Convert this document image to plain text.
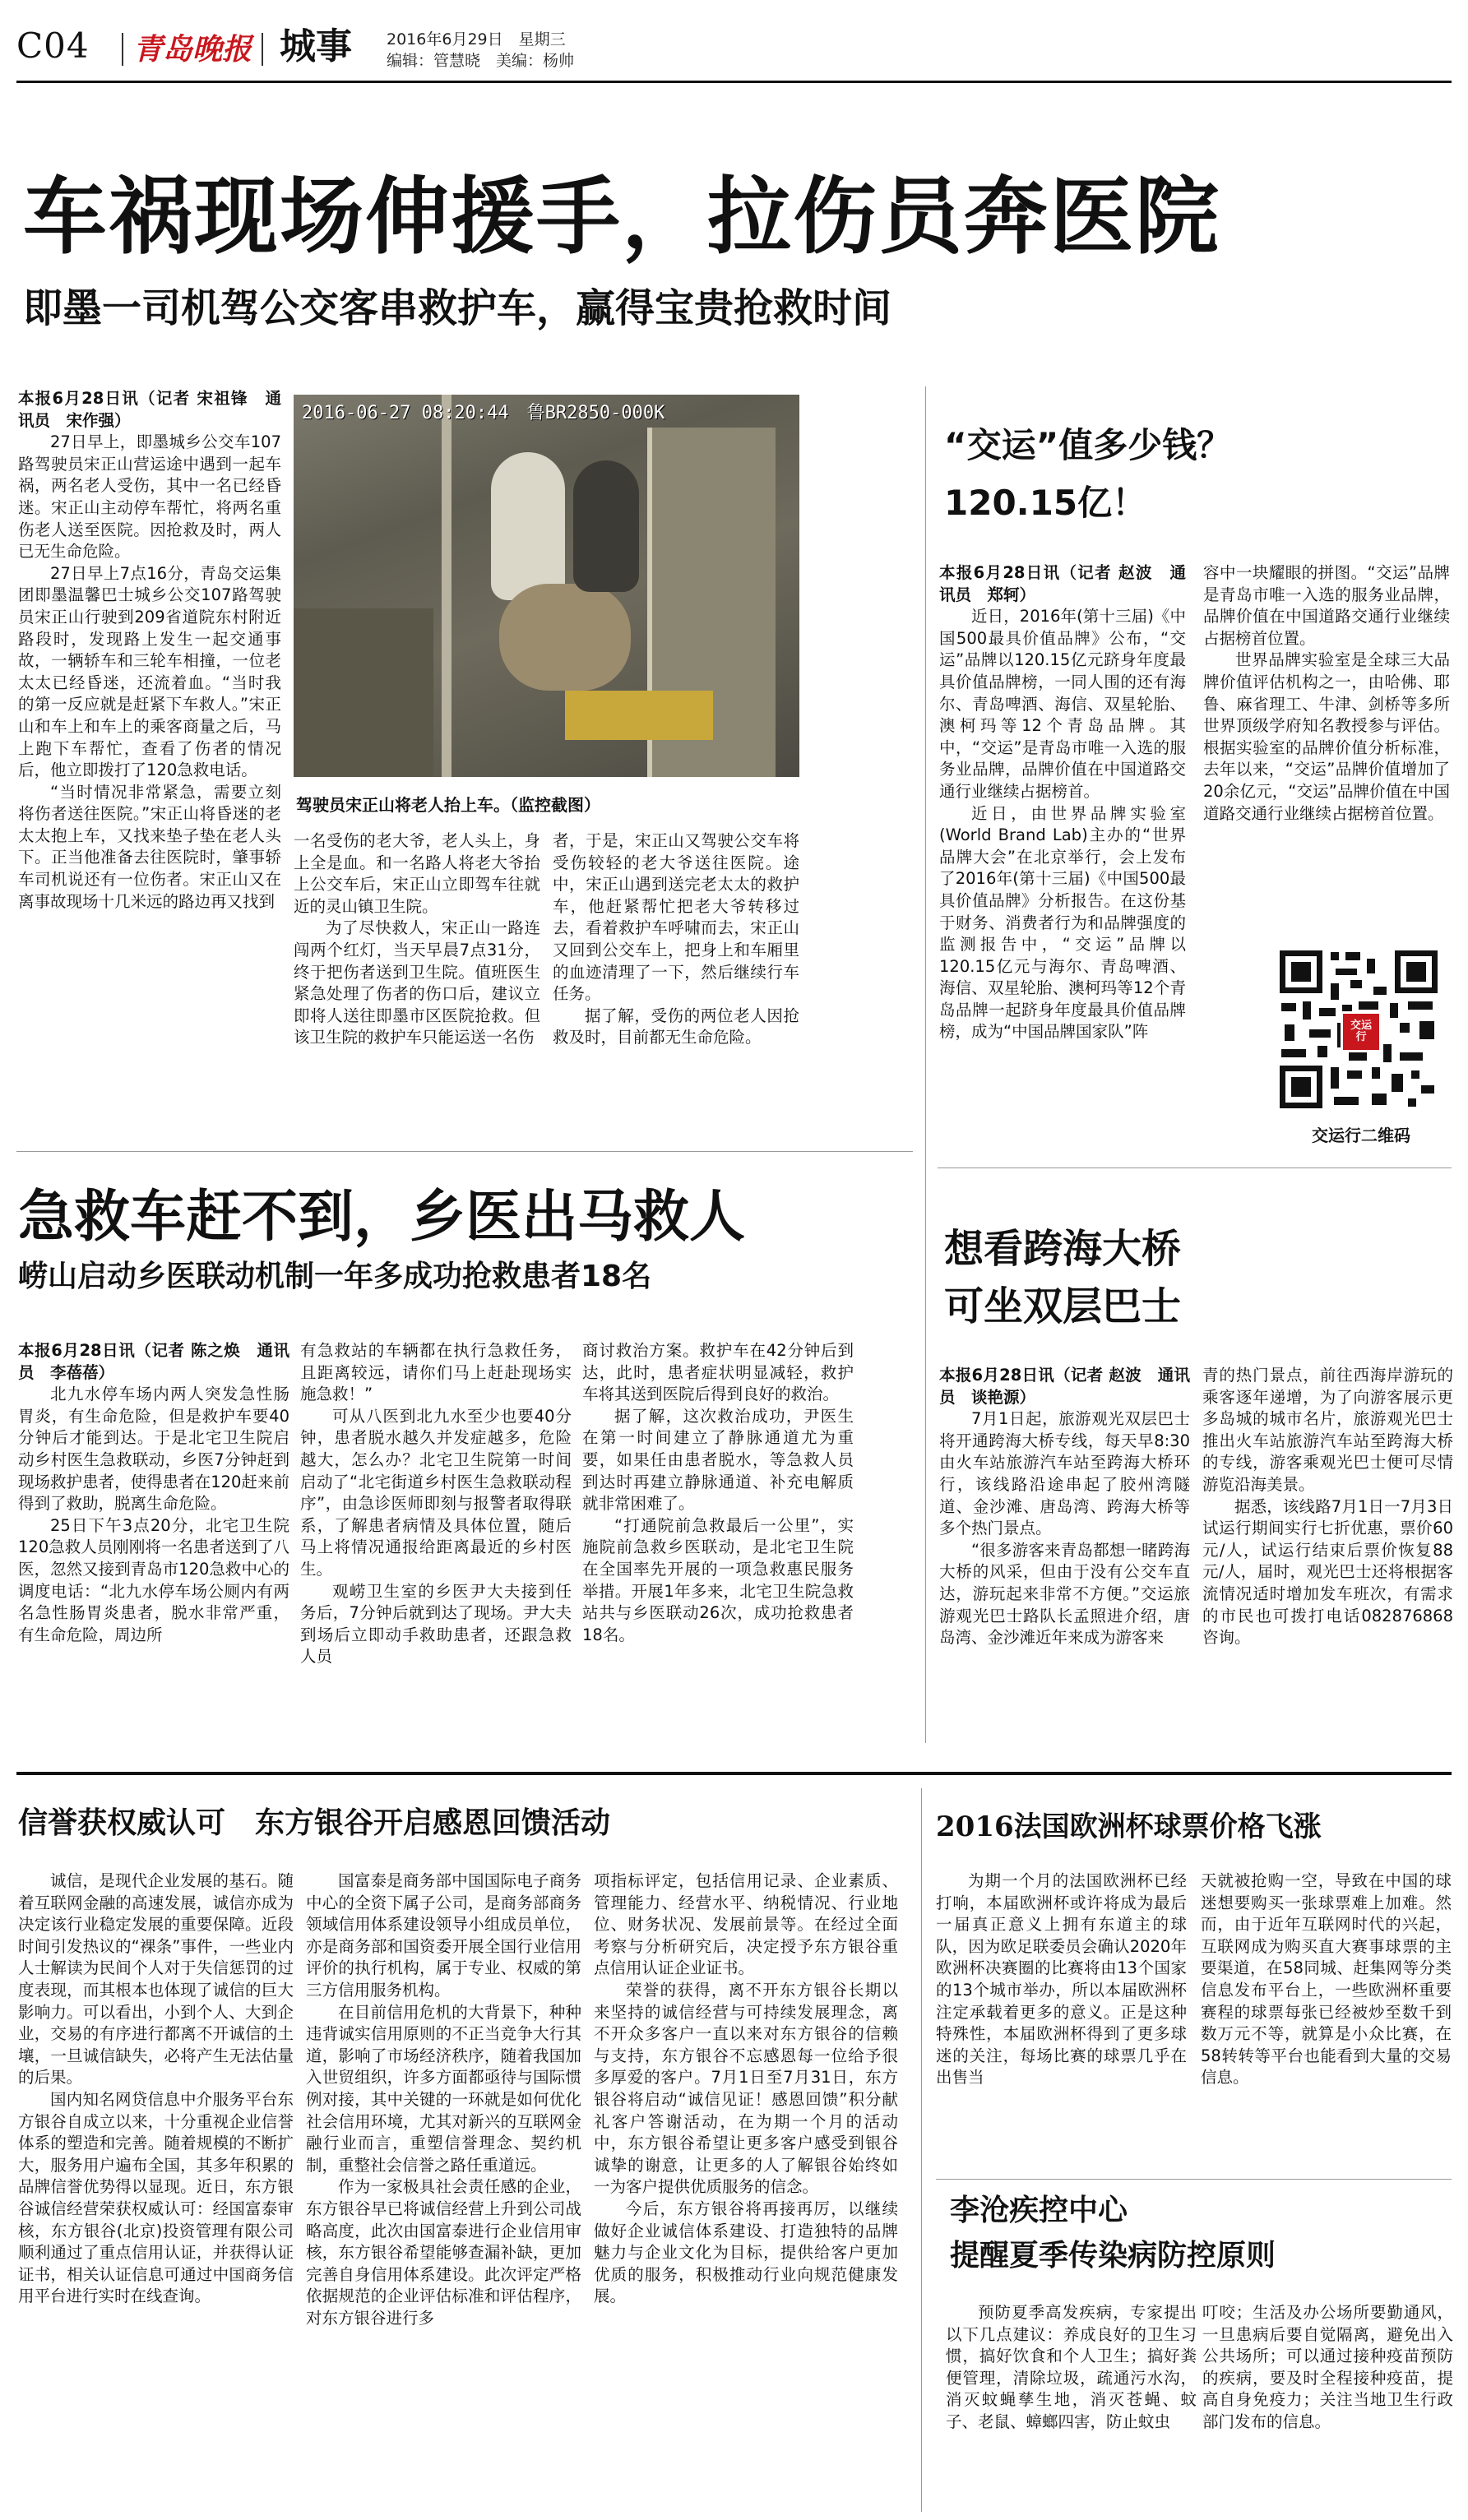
C04 青岛晚报 城事 2016年6月29日　星期三
编辑：管慧晓　美编：杨帅
车祸现场伸援手，拉伤员奔医院
即墨一司机驾公交客串救护车，赢得宝贵抢救时间

本报6月28日讯（记者 宋祖锋　通讯员　宋作强）

27日早上，即墨城乡公交车107路驾驶员宋正山营运途中遇到一起车祸，两名老人受伤，其中一名已经昏迷。宋正山主动停车帮忙，将两名重伤老人送至医院。因抢救及时，两人已无生命危险。

27日早上7点16分，青岛交运集团即墨温馨巴士城乡公交107路驾驶员宋正山行驶到209省道院东村附近路段时，发现路上发生一起交通事故，一辆轿车和三轮车相撞，一位老太太已经昏迷，还流着血。“当时我的第一反应就是赶紧下车救人。”宋正山和车上和车上的乘客商量之后，马上跑下车帮忙，查看了伤者的情况后，他立即拨打了120急救电话。

“当时情况非常紧急，需要立刻将伤者送往医院。”宋正山将昏迷的老太太抱上车，又找来垫子垫在老人头下。正当他准备去往医院时，肇事轿车司机说还有一位伤者。宋正山又在离事故现场十几米远的路边再又找到

2016-06-27 08:20:44　鲁BR2850-000K
驾驶员宋正山将老人抬上车。（监控截图）

一名受伤的老大爷，老人头上，身上全是血。和一名路人将老大爷抬上公交车后，宋正山立即驾车往就近的灵山镇卫生院。

为了尽快救人，宋正山一路连闯两个红灯，当天早晨7点31分，终于把伤者送到卫生院。值班医生紧急处理了伤者的伤口后，建议立即将人送往即墨市区医院抢救。但该卫生院的救护车只能运送一名伤

者，于是，宋正山又驾驶公交车将受伤较轻的老大爷送往医院。途中，宋正山遇到送完老太太的救护车，他赶紧帮忙把老大爷转移过去，看着救护车呼啸而去，宋正山又回到公交车上，把身上和车厢里的血迹清理了一下，然后继续行车任务。

据了解，受伤的两位老人因抢救及时，目前都无生命危险。

“交运”值多少钱？
120.15亿！

本报6月28日讯（记者 赵波　通讯员　郑轲）

近日，2016年(第十三届)《中国500最具价值品牌》公布，“交运”品牌以120.15亿元跻身年度最具价值品牌榜，一同人围的还有海尔、青岛啤酒、海信、双星轮胎、澳柯玛等12个青岛品牌。其中，“交运”是青岛市唯一入选的服务业品牌，品牌价值在中国道路交通行业继续占据榜首。

近日，由世界品牌实验室(World Brand Lab)主办的“世界品牌大会”在北京举行，会上发布了2016年(第十三届)《中国500最具价值品牌》分析报告。在这份基于财务、消费者行为和品牌强度的监测报告中，“交运”品牌以120.15亿元与海尔、青岛啤酒、海信、双星轮胎、澳柯玛等12个青岛品牌一起跻身年度最具价值品牌榜，成为“中国品牌国家队”阵

容中一块耀眼的拼图。“交运”品牌是青岛市唯一入选的服务业品牌，品牌价值在中国道路交通行业继续占据榜首位置。

世界品牌实验室是全球三大品牌价值评估机构之一，由哈佛、耶鲁、麻省理工、牛津、剑桥等多所世界顶级学府知名教授参与评估。根据实验室的品牌价值分析标准，去年以来，“交运”品牌价值增加了20余亿元，“交运”品牌价值在中国道路交通行业继续占据榜首位置。

交运行
交运行二维码
急救车赶不到，乡医出马救人
崂山启动乡医联动机制一年多成功抢救患者18名

本报6月28日讯（记者 陈之焕　通讯员　李蓓蓓）

北九水停车场内两人突发急性肠胃炎，有生命危险，但是救护车要40分钟后才能到达。于是北宅卫生院启动乡村医生急救联动，乡医7分钟赶到现场救护患者，使得患者在120赶来前得到了救助，脱离生命危险。

25日下午3点20分，北宅卫生院120急救人员刚刚将一名患者送到了八医，忽然又接到青岛市120急救中心的调度电话：“北九水停车场公厕内有两名急性肠胃炎患者，脱水非常严重，有生命危险，周边所

有急救站的车辆都在执行急救任务，且距离较远，请你们马上赶赴现场实施急救！”

可从八医到北九水至少也要40分钟，患者脱水越久并发症越多，危险越大，怎么办？北宅卫生院第一时间启动了“北宅街道乡村医生急救联动程序”，由急诊医师即刻与报警者取得联系，了解患者病情及具体位置，随后马上将情况通报给距离最近的乡村医生。

观崂卫生室的乡医尹大夫接到任务后，7分钟后就到达了现场。尹大夫到场后立即动手救助患者，还跟急救人员

商讨救治方案。救护车在42分钟后到达，此时，患者症状明显减轻，救护车将其送到医院后得到良好的救治。

据了解，这次救治成功，尹医生在第一时间建立了静脉通道尤为重要，如果任由患者脱水，等急救人员到达时再建立静脉通道、补充电解质就非常困难了。

“打通院前急救最后一公里”，实施院前急救乡医联动，是北宅卫生院在全国率先开展的一项急救惠民服务举措。开展1年多来，北宅卫生院急救站共与乡医联动26次，成功抢救患者18名。

想看跨海大桥
可坐双层巴士

本报6月28日讯（记者 赵波　通讯员　谈艳源）

7月1日起，旅游观光双层巴士将开通跨海大桥专线，每天早8:30由火车站旅游汽车站至跨海大桥环行，该线路沿途串起了胶州湾隧道、金沙滩、唐岛湾、跨海大桥等多个热门景点。

“很多游客来青岛都想一睹跨海大桥的风采，但由于没有公交车直达，游玩起来非常不方便。”交运旅游观光巴士路队长孟照进介绍，唐岛湾、金沙滩近年来成为游客来

青的热门景点，前往西海岸游玩的乘客逐年递增，为了向游客展示更多岛城的城市名片，旅游观光巴士推出火车站旅游汽车站至跨海大桥的专线，游客乘观光巴士便可尽情游览沿海美景。

据悉，该线路7月1日一7月3日试运行期间实行七折优惠，票价60元/人，试运行结束后票价恢复88元/人，届时，观光巴士还将根据客流情况适时增加发车班次，有需求的市民也可拨打电话082876868咨询。

信誉获权威认可　东方银谷开启感恩回馈活动

诚信，是现代企业发展的基石。随着互联网金融的高速发展，诚信亦成为决定该行业稳定发展的重要保障。近段时间引发热议的“裸条”事件，一些业内人士解读为民间个人对于失信惩罚的过度表现，而其根本也体现了诚信的巨大影响力。可以看出，小到个人、大到企业，交易的有序进行都离不开诚信的土壤，一旦诚信缺失，必将产生无法估量的后果。

国内知名网贷信息中介服务平台东方银谷自成立以来，十分重视企业信誉体系的塑造和完善。随着规模的不断扩大，服务用户遍布全国，其多年积累的品牌信誉优势得以显现。近日，东方银谷诚信经营荣获权威认可：经国富泰审核，东方银谷(北京)投资管理有限公司顺利通过了重点信用认证，并获得认证证书，相关认证信息可通过中国商务信用平台进行实时在线查询。

国富泰是商务部中国国际电子商务中心的全资下属子公司，是商务部商务领域信用体系建设领导小组成员单位，亦是商务部和国资委开展全国行业信用评价的执行机构，属于专业、权威的第三方信用服务机构。

在目前信用危机的大背景下，种种违背诚实信用原则的不正当竞争大行其道，影响了市场经济秩序，随着我国加入世贸组织，许多方面都亟待与国际惯例对接，其中关键的一环就是如何优化社会信用环境，尤其对新兴的互联网金融行业而言，重塑信誉理念、契约机制，重整社会信誉之路任重道远。

作为一家极具社会责任感的企业，东方银谷早已将诚信经营上升到公司战略高度，此次由国富泰进行企业信用审核，东方银谷希望能够查漏补缺，更加完善自身信用体系建设。此次评定严格依据规范的企业评估标准和评估程序，对东方银谷进行多

项指标评定，包括信用记录、企业素质、管理能力、经营水平、纳税情况、行业地位、财务状况、发展前景等。在经过全面考察与分析研究后，决定授予东方银谷重点信用认证企业证书。

荣誉的获得，离不开东方银谷长期以来坚持的诚信经营与可持续发展理念，离不开众多客户一直以来对东方银谷的信赖与支持，东方银谷不忘感恩每一位给予很多厚爱的客户。7月1日至7月31日，东方银谷将启动“诚信见证！感恩回馈”积分献礼客户答谢活动，在为期一个月的活动中，东方银谷希望让更多客户感受到银谷诚挚的谢意，让更多的人了解银谷始终如一为客户提供优质服务的信念。

今后，东方银谷将再接再厉，以继续做好企业诚信体系建设、打造独特的品牌魅力与企业文化为目标，提供给客户更加优质的服务，积极推动行业向规范健康发展。

2016法国欧洲杯球票价格飞涨

为期一个月的法国欧洲杯已经打响，本届欧洲杯或许将成为最后一届真正意义上拥有东道主的球队，因为欧足联委员会确认2020年欧洲杯决赛圈的比赛将由13个国家的13个城市举办，所以本届欧洲杯注定承载着更多的意义。正是这种特殊性，本届欧洲杯得到了更多球迷的关注，每场比赛的球票几乎在出售当

天就被抢购一空，导致在中国的球迷想要购买一张球票难上加难。然而，由于近年互联网时代的兴起，互联网成为购买直大赛事球票的主要渠道，在58同城、赶集网等分类信息发布平台上，一些欧洲杯重要赛程的球票每张已经被炒至数千到数万元不等，就算是小众比赛，在58转转等平台也能看到大量的交易信息。

李沧疾控中心
提醒夏季传染病防控原则

预防夏季高发疾病，专家提出以下几点建议：养成良好的卫生习惯，搞好饮食和个人卫生；搞好粪便管理，清除垃圾，疏通污水沟，消灭蚊蝇孳生地，消灭苍蝇、蚊子、老鼠、蟑螂四害，防止蚊虫

叮咬；生活及办公场所要勤通风，一旦患病后要自觉隔离，避免出入公共场所；可以通过接种疫苗预防的疾病，要及时全程接种疫苗，提高自身免疫力；关注当地卫生行政部门发布的信息。
